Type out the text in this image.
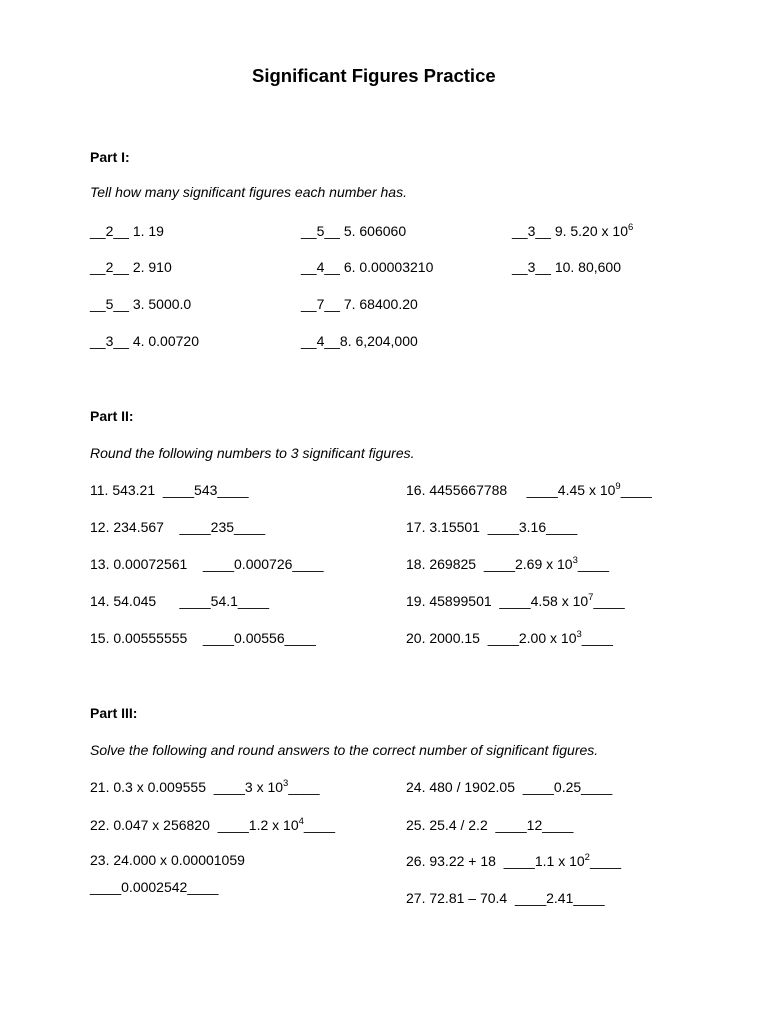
Significant Figures Practice
Part I:
Tell how many significant figures each number has.
__2__ 1. 19
__2__ 2. 910
__5__ 3. 5000.0
__3__ 4. 0.00720
__5__ 5. 606060
__4__ 6. 0.00003210
__7__ 7. 68400.20
__4__8. 6,204,000
__3__ 9. 5.20 x $10^6$
__3__ 10. 80,600
Part II:
Round the following numbers to 3 significant figures.
11. 543.21  ____543____
12. 234.567    ____235____
13. 0.00072561    ____0.000726____
14. 54.045      ____54.1____
15. 0.00555555    ____0.00556____
16. 4455667788     ____4.45 x $10^9\_\_\_\_$
17. 3.15501  ____3.16____
18. 269825  ____2.69 x $10^3\_\_\_\_$
19. 45899501  ____4.58 x $10^7\_\_\_\_$
20. 2000.15  ____2.00 x $10^3\_\_\_\_$
Part III:
Solve the following and round answers to the correct number of significant figures.
21. 0.3 x 0.009555  ____3 x $10^3\_\_\_\_$
22. 0.047 x 256820  ____1.2 x $10^4\_\_\_\_$
23. 24.000 x 0.00001059
____0.0002542____
24. 480 / 1902.05  ____0.25____
25. 25.4 / 2.2  ____12____
26. 93.22 + 18  ____1.1 x $10^2\_\_\_\_$
27. 72.81 – 70.4  ____2.41____
